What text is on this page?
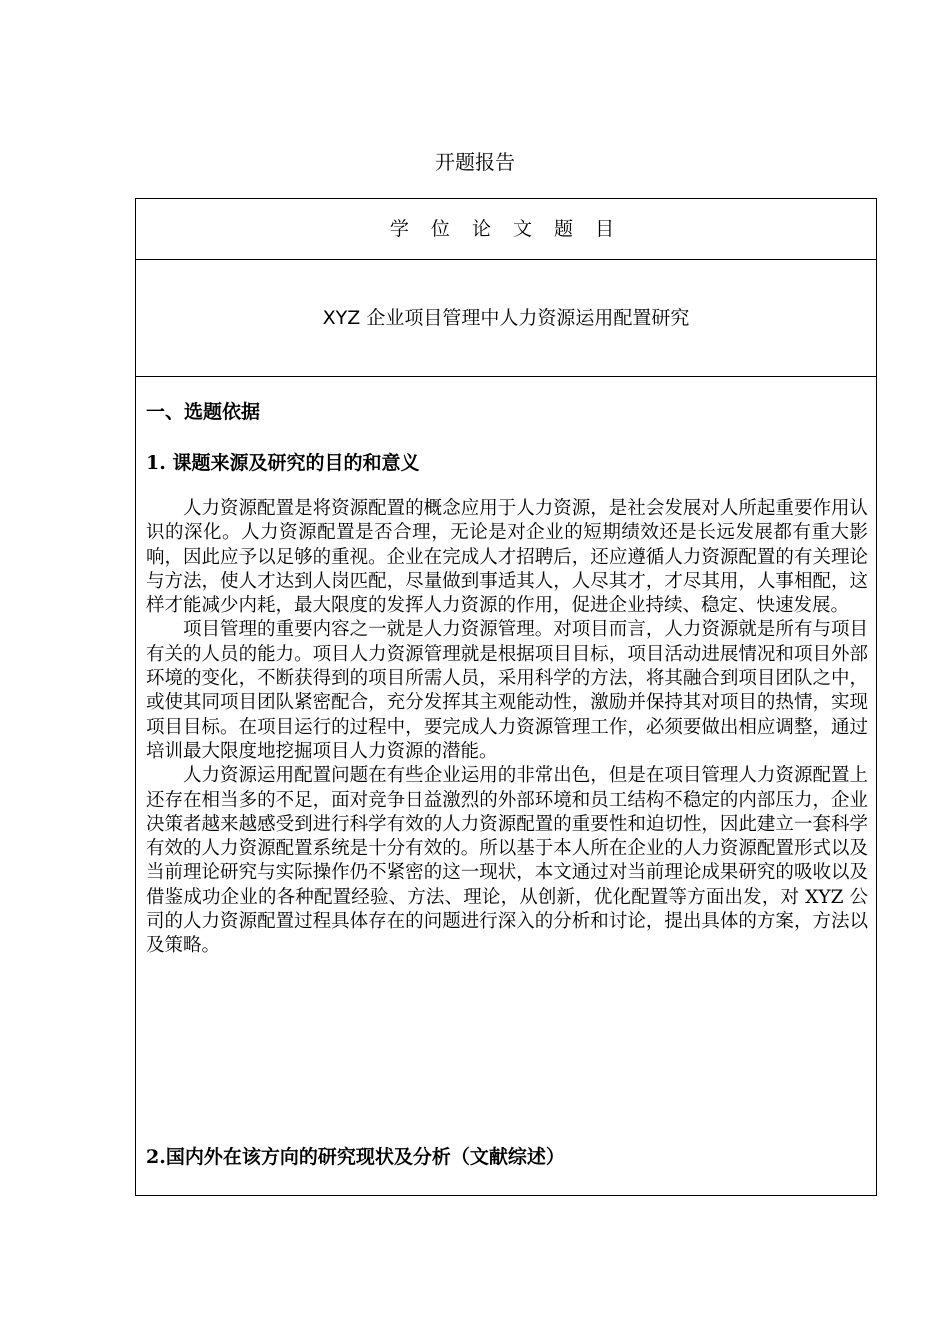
开题报告
学 位 论 文 题 目
XYZ 企业项目管理中人力资源运用配置研究
一、选题依据
1. 课题来源及研究的目的和意义

人力资源配置是将资源配置的概念应用于人力资源，是社会发展对人所起重要作用认识的深化。人力资源配置是否合理，无论是对企业的短期绩效还是长远发展都有重大影响，因此应予以足够的重视。企业在完成人才招聘后，还应遵循人力资源配置的有关理论与方法，使人才达到人岗匹配，尽量做到事适其人，人尽其才，才尽其用，人事相配，这样才能减少内耗，最大限度的发挥人力资源的作用，促进企业持续、稳定、快速发展。

项目管理的重要内容之一就是人力资源管理。对项目而言，人力资源就是所有与项目有关的人员的能力。项目人力资源管理就是根据项目目标，项目活动进展情况和项目外部环境的变化，不断获得到的项目所需人员，采用科学的方法，将其融合到项目团队之中，或使其同项目团队紧密配合，充分发挥其主观能动性，激励并保持其对项目的热情，实现项目目标。在项目运行的过程中，要完成人力资源管理工作，必须要做出相应调整，通过培训最大限度地挖掘项目人力资源的潜能。

人力资源运用配置问题在有些企业运用的非常出色，但是在项目管理人力资源配置上还存在相当多的不足，面对竞争日益激烈的外部环境和员工结构不稳定的内部压力，企业决策者越来越感受到进行科学有效的人力资源配置的重要性和迫切性，因此建立一套科学有效的人力资源配置系统是十分有效的。所以基于本人所在企业的人力资源配置形式以及当前理论研究与实际操作仍不紧密的这一现状，本文通过对当前理论成果研究的吸收以及借鉴成功企业的各种配置经验、方法、理论，从创新，优化配置等方面出发，对 XYZ 公司的人力资源配置过程具体存在的问题进行深入的分析和讨论，提出具体的方案，方法以及策略。

2.国内外在该方向的研究现状及分析（文献综述）
